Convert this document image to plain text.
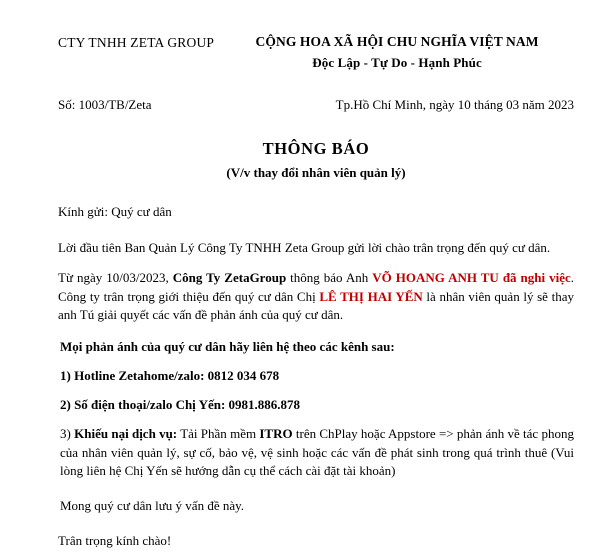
CTY TNHH ZETA GROUP	CỘNG HOA XÃ HỘI CHU NGHĨA VIỆT NAM
Độc Lập - Tự Do - Hạnh Phúc
Số: 1003/TB/Zeta	Tp.Hồ Chí Minh, ngày 10 tháng 03 năm 2023
THÔNG BÁO
(V/v thay đổi nhân viên quản lý)

Kính gửi: Quý cư dân

Lời đầu tiên Ban Quản Lý Công Ty TNHH Zeta Group gửi lời chào trân trọng đến quý cư dân.

Từ ngày 10/03/2023, Công Ty ZetaGroup thông báo Anh VÕ HOANG ANH TU đã nghi việc. Công ty trân trọng giới thiệu đến quý cư dân Chị LÊ THỊ HAI YẾN là nhân viên quản lý sẽ thay anh Tú giải quyết các vấn đề phản ánh của quý cư dân.

Mọi phản ánh của quý cư dân hãy liên hệ theo các kênh sau:

1) Hotline Zetahome/zalo: 0812 034 678

2) Số điện thoại/zalo Chị Yến: 0981.886.878

3) Khiếu nại dịch vụ: Tải Phần mềm ITRO trên ChPlay hoặc Appstore => phản ánh về tác phong của nhân viên quản lý, sự cố, bảo vệ, vệ sinh hoặc các vấn đề phát sinh trong quá trình thuê (Vui lòng liên hệ Chị Yến sẽ hướng dẫn cụ thể cách cài đặt tài khoản)

Mong quý cư dân lưu ý vấn đề này.

Trân trọng kính chào!
